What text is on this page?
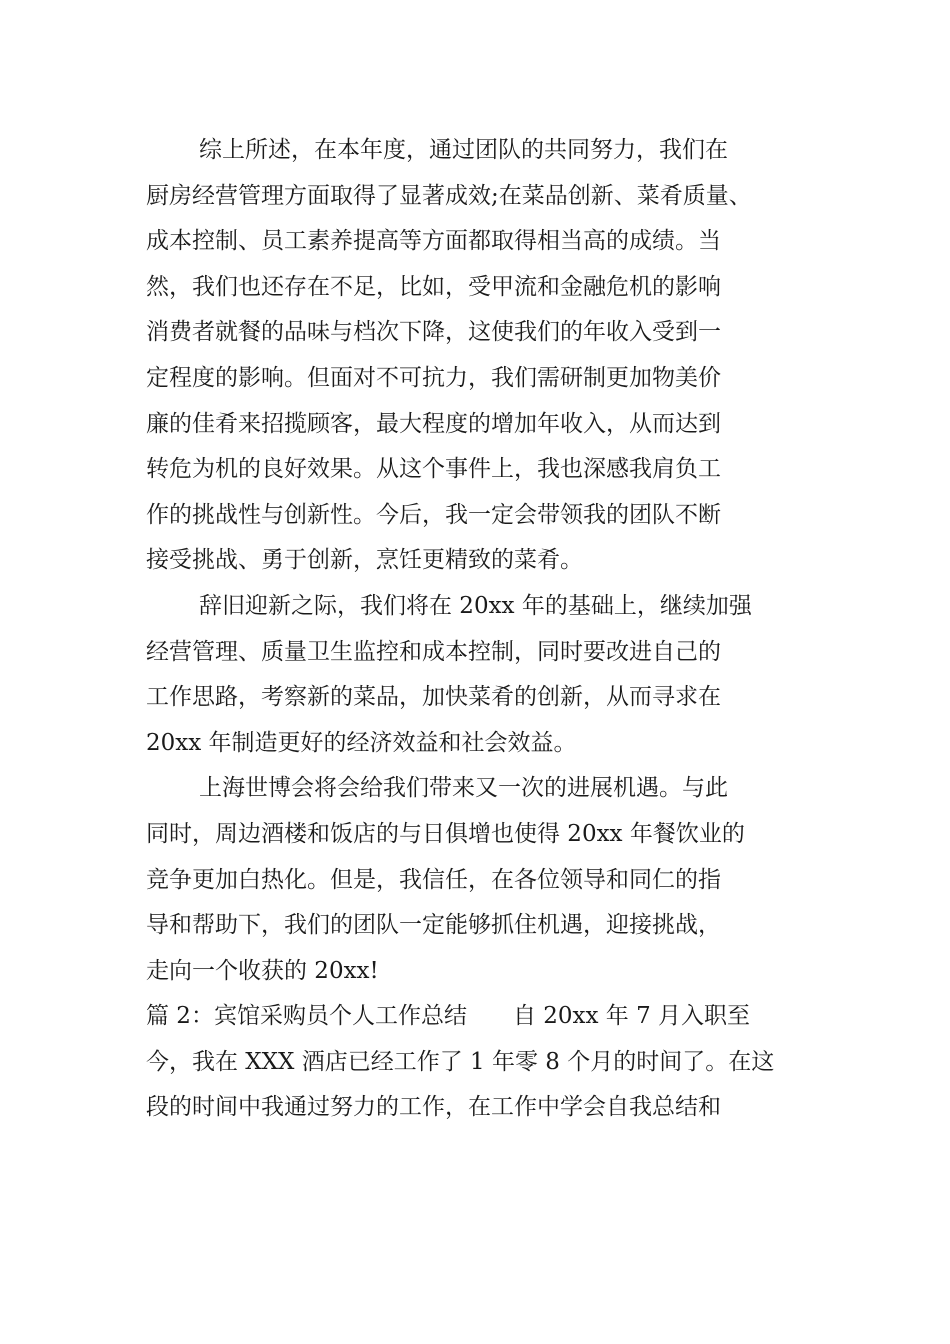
综上所述，在本年度，通过团队的共同努力，我们在
厨房经营管理方面取得了显著成效;在菜品创新、菜肴质量、
成本控制、员工素养提高等方面都取得相当高的成绩。当
然，我们也还存在不足，比如，受甲流和金融危机的影响
消费者就餐的品味与档次下降，这使我们的年收入受到一
定程度的影响。但面对不可抗力，我们需研制更加物美价
廉的佳肴来招揽顾客，最大程度的增加年收入，从而达到
转危为机的良好效果。从这个事件上，我也深感我肩负工
作的挑战性与创新性。今后，我一定会带领我的团队不断
接受挑战、勇于创新，烹饪更精致的菜肴。
辞旧迎新之际，我们将在 20xx 年的基础上，继续加强
经营管理、质量卫生监控和成本控制，同时要改进自己的
工作思路，考察新的菜品，加快菜肴的创新，从而寻求在
20xx 年制造更好的经济效益和社会效益。
上海世博会将会给我们带来又一次的进展机遇。与此
同时，周边酒楼和饭店的与日俱增也使得 20xx 年餐饮业的
竞争更加白热化。但是，我信任，在各位领导和同仁的指
导和帮助下，我们的团队一定能够抓住机遇，迎接挑战，
走向一个收获的 20xx!
篇 2：宾馆采购员个人工作总结　　自 20xx 年 7 月入职至
今，我在 XXX 酒店已经工作了 1 年零 8 个月的时间了。在这
段的时间中我通过努力的工作，在工作中学会自我总结和
